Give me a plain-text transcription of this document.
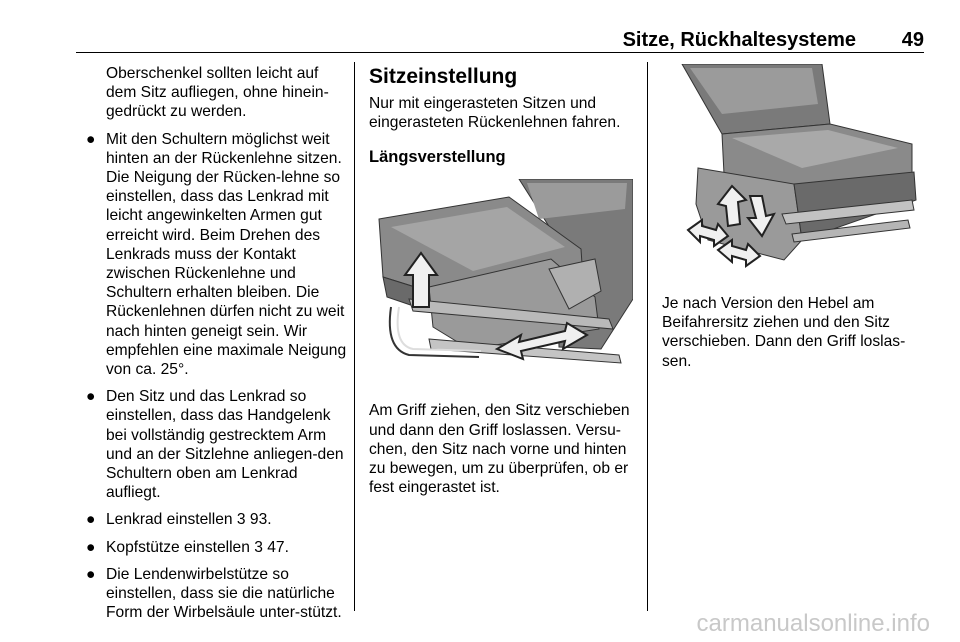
Sitze, Rückhaltesysteme 49

Oberschenkel sollten leicht auf dem Sitz aufliegen, ohne hinein-gedrückt zu werden.

● Mit den Schultern möglichst weit hinten an der Rückenlehne sitzen. Die Neigung der Rücken-lehne so einstellen, dass das Lenkrad mit leicht angewinkelten Armen gut erreicht wird. Beim Drehen des Lenkrads muss der Kontakt zwischen Rückenlehne und Schultern erhalten bleiben. Die Rückenlehnen dürfen nicht zu weit nach hinten geneigt sein. Wir empfehlen eine maximale Neigung von ca. 25°.
● Den Sitz und das Lenkrad so einstellen, dass das Handgelenk bei vollständig gestrecktem Arm und an der Sitzlehne anliegen-den Schultern oben am Lenkrad aufliegt.
● Lenkrad einstellen 3 93.
● Kopfstütze einstellen 3 47.
● Die Lendenwirbelstütze so einstellen, dass sie die natürliche Form der Wirbelsäule unter-stützt.

Sitzeinstellung

Nur mit eingerasteten Sitzen und eingerasteten Rückenlehnen fahren.

Längsverstellung

Am Griff ziehen, den Sitz verschieben und dann den Griff loslassen. Versu-chen, den Sitz nach vorne und hinten zu bewegen, um zu überprüfen, ob er fest eingerastet ist.

Je nach Version den Hebel am Beifahrersitz ziehen und den Sitz verschieben. Dann den Griff loslas-sen.

carmanualsonline.info
